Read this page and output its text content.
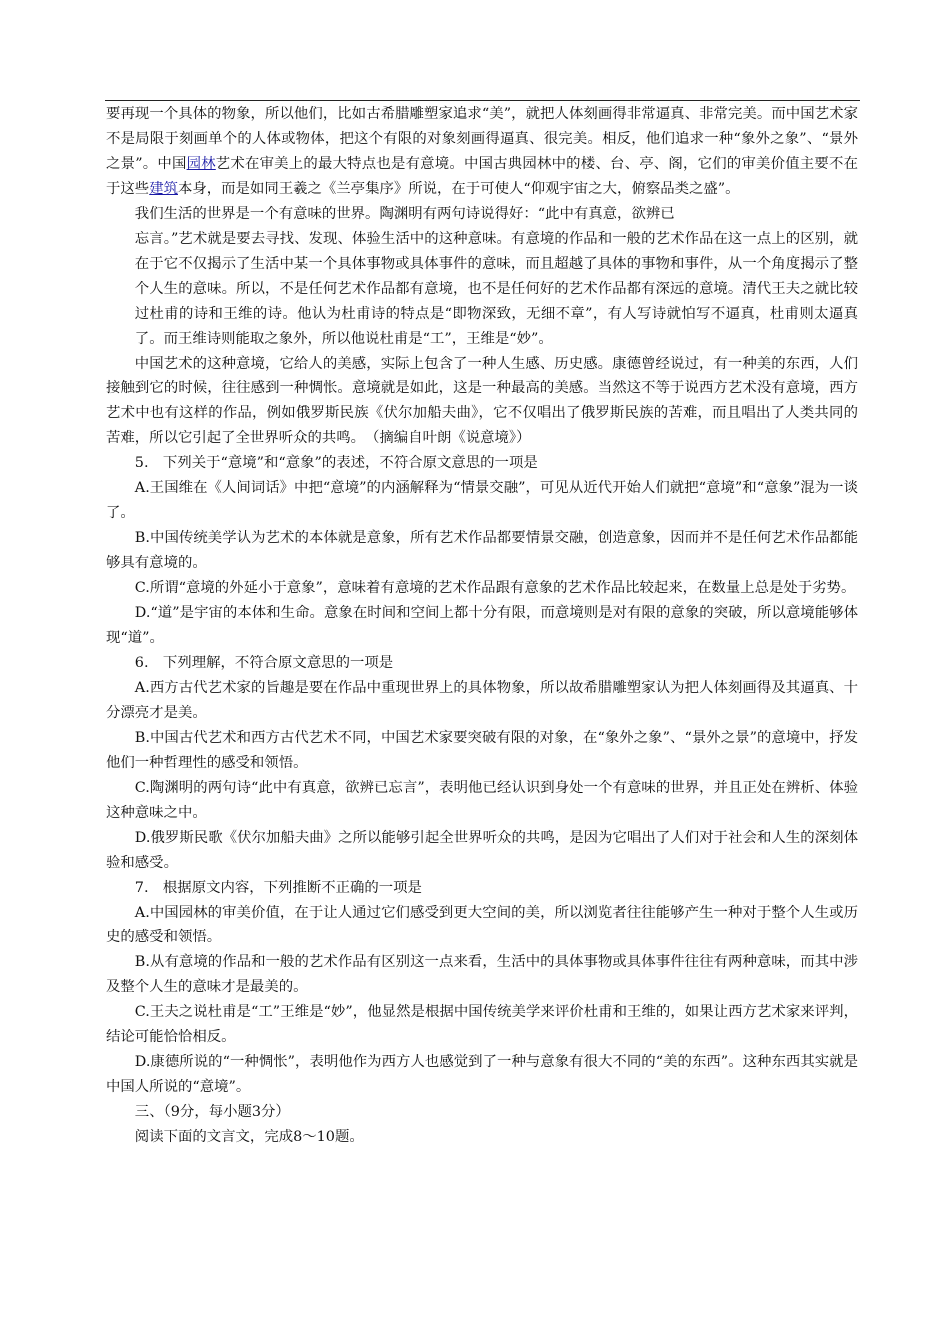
要再现一个具体的物象，所以他们，比如古希腊雕塑家追求“美”，就把人体刻画得非常逼真、非常完美。而中国艺术家不是局限于刻画单个的人体或物体，把这个有限的对象刻画得逼真、很完美。相反，他们追求一种“象外之象”、“景外之景”。中国园林艺术在审美上的最大特点也是有意境。中国古典园林中的楼、台、亭、阁，它们的审美价值主要不在于这些建筑本身，而是如同王羲之《兰亭集序》所说，在于可使人“仰观宇宙之大，俯察品类之盛”。

我们生活的世界是一个有意味的世界。陶渊明有两句诗说得好：“此中有真意，欲辨已

忘言。”艺术就是要去寻找、发现、体验生活中的这种意味。有意境的作品和一般的艺术作品在这一点上的区别，就在于它不仅揭示了生活中某一个具体事物或具体事件的意味，而且超越了具体的事物和事件，从一个角度揭示了整个人生的意味。所以，不是任何艺术作品都有意境，也不是任何好的艺术作品都有深远的意境。清代王夫之就比较过杜甫的诗和王维的诗。他认为杜甫诗的特点是“即物深致，无细不章”，有人写诗就怕写不逼真，杜甫则太逼真了。而王维诗则能取之象外，所以他说杜甫是“工”，王维是“妙”。

中国艺术的这种意境，它给人的美感，实际上包含了一种人生感、历史感。康德曾经说过，有一种美的东西，人们接触到它的时候，往往感到一种惆怅。意境就是如此，这是一种最高的美感。当然这不等于说西方艺术没有意境，西方艺术中也有这样的作品，例如俄罗斯民族《伏尔加船夫曲》，它不仅唱出了俄罗斯民族的苦难，而且唱出了人类共同的苦难，所以它引起了全世界听众的共鸣。　（摘编自叶朗《说意境》）

5.　下列关于“意境”和“意象”的表述，不符合原文意思的一项是

A.王国维在《人间词话》中把“意境”的内涵解释为“情景交融”，可见从近代开始人们就把“意境”和“意象”混为一谈了。

B.中国传统美学认为艺术的本体就是意象，所有艺术作品都要情景交融，创造意象，因而并不是任何艺术作品都能够具有意境的。

C.所谓“意境的外延小于意象”，意味着有意境的艺术作品跟有意象的艺术作品比较起来，在数量上总是处于劣势。

D.“道”是宇宙的本体和生命。意象在时间和空间上都十分有限，而意境则是对有限的意象的突破，所以意境能够体现“道”。

6.　下列理解，不符合原文意思的一项是

A.西方古代艺术家的旨趣是要在作品中重现世界上的具体物象，所以故希腊雕塑家认为把人体刻画得及其逼真、十分漂亮才是美。

B.中国古代艺术和西方古代艺术不同，中国艺术家要突破有限的对象，在“象外之象”、“景外之景”的意境中，抒发他们一种哲理性的感受和领悟。

C.陶渊明的两句诗“此中有真意，欲辨已忘言”，表明他已经认识到身处一个有意味的世界，并且正处在辨析、体验这种意味之中。

D.俄罗斯民歌《伏尔加船夫曲》之所以能够引起全世界听众的共鸣，是因为它唱出了人们对于社会和人生的深刻体验和感受。

7.　根据原文内容，下列推断不正确的一项是

A.中国园林的审美价值，在于让人通过它们感受到更大空间的美，所以浏览者往往能够产生一种对于整个人生或历史的感受和领悟。

B.从有意境的作品和一般的艺术作品有区别这一点来看，生活中的具体事物或具体事件往往有两种意味，而其中涉及整个人生的意味才是最美的。

C.王夫之说杜甫是“工”王维是“妙”，他显然是根据中国传统美学来评价杜甫和王维的，如果让西方艺术家来评判，结论可能恰恰相反。

D.康德所说的“一种惆怅”，表明他作为西方人也感觉到了一种与意象有很大不同的“美的东西”。这种东西其实就是中国人所说的“意境”。

三、（9分，每小题3分）

阅读下面的文言文，完成8～10题。
